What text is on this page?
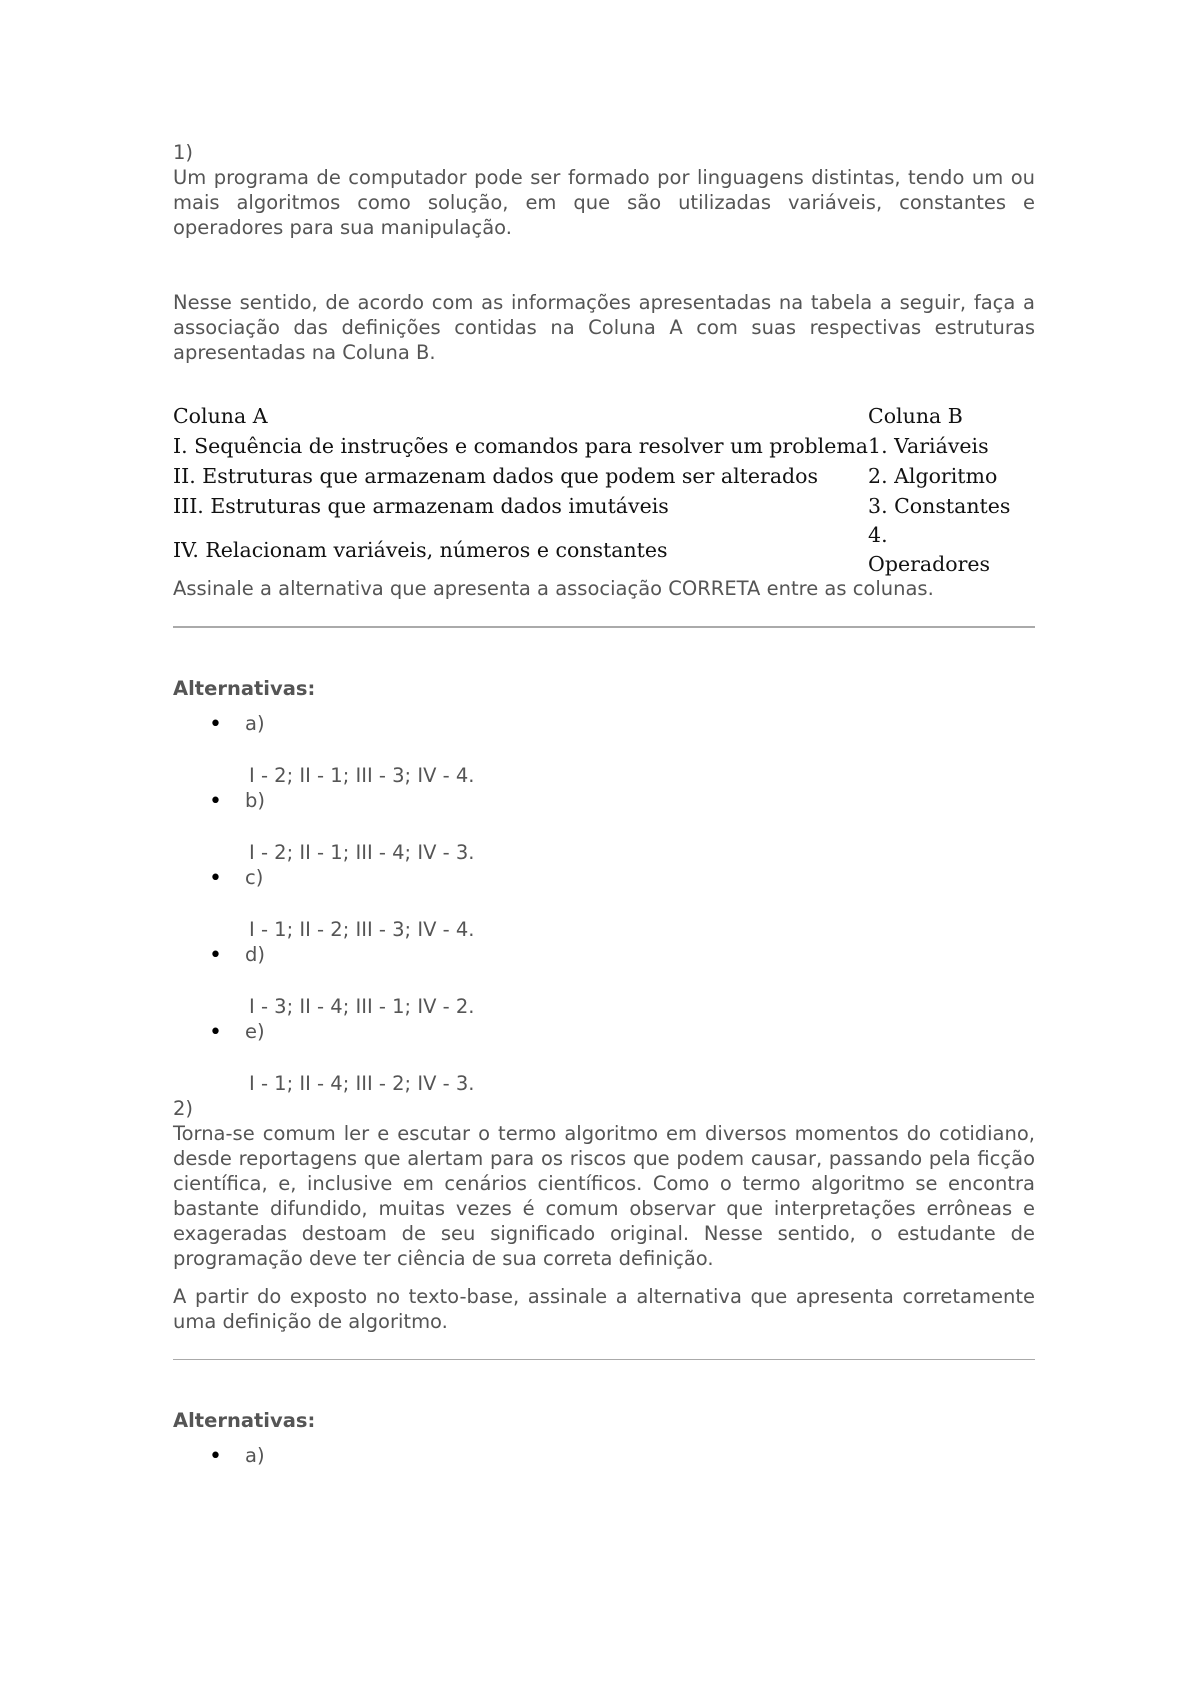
1)

Um programa de computador pode ser formado por linguagens distintas, tendo um ou mais algoritmos como solução, em que são utilizadas variáveis, constantes e operadores para sua manipulação.

Nesse sentido, de acordo com as informações apresentadas na tabela a seguir, faça a associação das definições contidas na Coluna A com suas respectivas estruturas apresentadas na Coluna B.

Coluna A	Coluna B
I. Sequência de instruções e comandos para resolver um problema	1. Variáveis
II. Estruturas que armazenam dados que podem ser alterados	2. Algoritmo
III. Estruturas que armazenam dados imutáveis	3. Constantes
IV. Relacionam variáveis, números e constantes	4.
Operadores

Assinale a alternativa que apresenta a associação CORRETA entre as colunas.

Alternativas:

• a)
I - 2; II - 1; III - 3; IV - 4.
• b)
I - 2; II - 1; III - 4; IV - 3.
• c)
I - 1; II - 2; III - 3; IV - 4.
• d)
I - 3; II - 4; III - 1; IV - 2.
• e)
I - 1; II - 4; III - 2; IV - 3.

2)

Torna-se comum ler e escutar o termo algoritmo em diversos momentos do cotidiano, desde reportagens que alertam para os riscos que podem causar, passando pela ficção científica, e, inclusive em cenários científicos. Como o termo algoritmo se encontra bastante difundido, muitas vezes é comum observar que interpretações errôneas e exageradas destoam de seu significado original. Nesse sentido, o estudante de programação deve ter ciência de sua correta definição.

A partir do exposto no texto-base, assinale a alternativa que apresenta corretamente uma definição de algoritmo.

Alternativas:

• a)
